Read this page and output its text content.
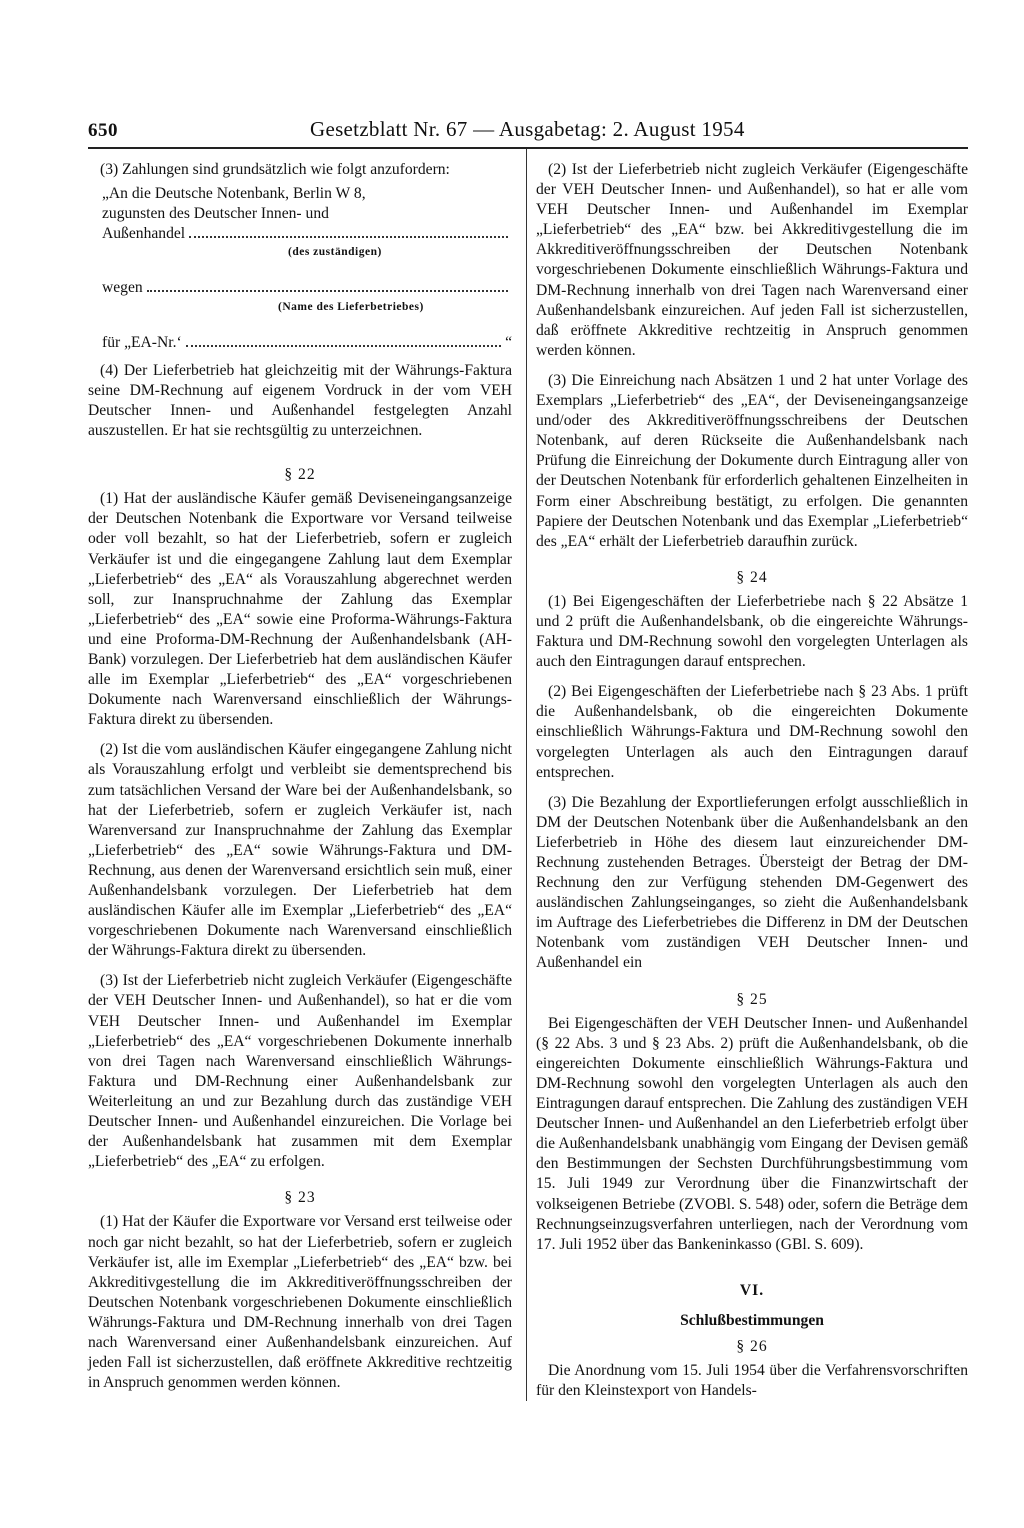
650	Gesetzblatt Nr. 67 — Ausgabetag: 2. August 1954

(3) Zahlungen sind grundsätzlich wie folgt anzufordern:

„An die Deutsche Notenbank, Berlin W 8,
zugunsten des Deutscher Innen- und
Außenhandel
(des zuständigen)
wegen
(Name des Lieferbetriebes)
für „EA-Nr.‘	“

(4) Der Lieferbetrieb hat gleichzeitig mit der Währungs-Faktura seine DM-Rechnung auf eigenem Vordruck in der vom VEH Deutscher Innen- und Außenhandel festgelegten Anzahl auszustellen. Er hat sie rechtsgültig zu unterzeichnen.

§ 22

(1) Hat der ausländische Käufer gemäß Deviseneingangsanzeige der Deutschen Notenbank die Exportware vor Versand teilweise oder voll bezahlt, so hat der Lieferbetrieb, sofern er zugleich Verkäufer ist und die eingegangene Zahlung laut dem Exemplar „Lieferbetrieb“ des „EA“ als Vorauszahlung abgerechnet werden soll, zur Inanspruchnahme der Zahlung das Exemplar „Lieferbetrieb“ des „EA“ sowie eine Proforma-Währungs-Faktura und eine Proforma-DM-Rechnung der Außenhandelsbank (AH-Bank) vorzulegen. Der Lieferbetrieb hat dem ausländischen Käufer alle im Exemplar „Lieferbetrieb“ des „EA“ vorgeschriebenen Dokumente nach Warenversand einschließlich der Währungs-Faktura direkt zu übersenden.

(2) Ist die vom ausländischen Käufer eingegangene Zahlung nicht als Vorauszahlung erfolgt und verbleibt sie dementsprechend bis zum tatsächlichen Versand der Ware bei der Außenhandelsbank, so hat der Lieferbetrieb, sofern er zugleich Verkäufer ist, nach Warenversand zur Inanspruchnahme der Zahlung das Exemplar „Lieferbetrieb“ des „EA“ sowie Währungs-Faktura und DM-Rechnung, aus denen der Warenversand ersichtlich sein muß, einer Außenhandelsbank vorzulegen. Der Lieferbetrieb hat dem ausländischen Käufer alle im Exemplar „Lieferbetrieb“ des „EA“ vorgeschriebenen Dokumente nach Warenversand einschließlich der Währungs-Faktura direkt zu übersenden.

(3) Ist der Lieferbetrieb nicht zugleich Verkäufer (Eigengeschäfte der VEH Deutscher Innen- und Außenhandel), so hat er die vom VEH Deutscher Innen- und Außenhandel im Exemplar „Lieferbetrieb“ des „EA“ vorgeschriebenen Dokumente innerhalb von drei Tagen nach Warenversand einschließlich Währungs-Faktura und DM-Rechnung einer Außenhandelsbank zur Weiterleitung an und zur Bezahlung durch das zuständige VEH Deutscher Innen- und Außenhandel einzureichen. Die Vorlage bei der Außenhandelsbank hat zusammen mit dem Exemplar „Lieferbetrieb“ des „EA“ zu erfolgen.

§ 23

(1) Hat der Käufer die Exportware vor Versand erst teilweise oder noch gar nicht bezahlt, so hat der Lieferbetrieb, sofern er zugleich Verkäufer ist, alle im Exemplar „Lieferbetrieb“ des „EA“ bzw. bei Akkreditivgestellung die im Akkreditiveröffnungsschreiben der Deutschen Notenbank vorgeschriebenen Dokumente einschließlich Währungs-Faktura und DM-Rechnung innerhalb von drei Tagen nach Warenversand einer Außenhandelsbank einzureichen. Auf jeden Fall ist sicherzustellen, daß eröffnete Akkreditive rechtzeitig in Anspruch genommen werden können.

(2) Ist der Lieferbetrieb nicht zugleich Verkäufer (Eigengeschäfte der VEH Deutscher Innen- und Außenhandel), so hat er alle vom VEH Deutscher Innen- und Außenhandel im Exemplar „Lieferbetrieb“ des „EA“ bzw. bei Akkreditivgestellung die im Akkreditiveröffnungsschreiben der Deutschen Notenbank vorgeschriebenen Dokumente einschließlich Währungs-Faktura und DM-Rechnung innerhalb von drei Tagen nach Warenversand einer Außenhandelsbank einzureichen. Auf jeden Fall ist sicherzustellen, daß eröffnete Akkreditive rechtzeitig in Anspruch genommen werden können.

(3) Die Einreichung nach Absätzen 1 und 2 hat unter Vorlage des Exemplars „Lieferbetrieb“ des „EA“, der Deviseneingangsanzeige und/oder des Akkreditiveröffnungsschreibens der Deutschen Notenbank, auf deren Rückseite die Außenhandelsbank nach Prüfung die Einreichung der Dokumente durch Eintragung aller von der Deutschen Notenbank für erforderlich gehaltenen Einzelheiten in Form einer Abschreibung bestätigt, zu erfolgen. Die genannten Papiere der Deutschen Notenbank und das Exemplar „Lieferbetrieb“ des „EA“ erhält der Lieferbetrieb daraufhin zurück.

§ 24

(1) Bei Eigengeschäften der Lieferbetriebe nach § 22 Absätze 1 und 2 prüft die Außenhandelsbank, ob die eingereichte Währungs-Faktura und DM-Rechnung sowohl den vorgelegten Unterlagen als auch den Eintragungen darauf entsprechen.

(2) Bei Eigengeschäften der Lieferbetriebe nach § 23 Abs. 1 prüft die Außenhandelsbank, ob die eingereichten Dokumente einschließlich Währungs-Faktura und DM-Rechnung sowohl den vorgelegten Unterlagen als auch den Eintragungen darauf entsprechen.

(3) Die Bezahlung der Exportlieferungen erfolgt ausschließlich in DM der Deutschen Notenbank über die Außenhandelsbank an den Lieferbetrieb in Höhe des diesem laut einzureichender DM-Rechnung zustehenden Betrages. Übersteigt der Betrag der DM-Rechnung den zur Verfügung stehenden DM-Gegenwert des ausländischen Zahlungseinganges, so zieht die Außenhandelsbank im Auftrage des Lieferbetriebes die Differenz in DM der Deutschen Notenbank vom zuständigen VEH Deutscher Innen- und Außenhandel ein

§ 25

Bei Eigengeschäften der VEH Deutscher Innen- und Außenhandel (§ 22 Abs. 3 und § 23 Abs. 2) prüft die Außenhandelsbank, ob die eingereichten Dokumente einschließlich Währungs-Faktura und DM-Rechnung sowohl den vorgelegten Unterlagen als auch den Eintragungen darauf entsprechen. Die Zahlung des zuständigen VEH Deutscher Innen- und Außenhandel an den Lieferbetrieb erfolgt über die Außenhandelsbank unabhängig vom Eingang der Devisen gemäß den Bestimmungen der Sechsten Durchführungsbestimmung vom 15. Juli 1949 zur Verordnung über die Finanzwirtschaft der volkseigenen Betriebe (ZVOBl. S. 548) oder, sofern die Beträge dem Rechnungseinzugsverfahren unterliegen, nach der Verordnung vom 17. Juli 1952 über das Bankeninkasso (GBl. S. 609).

VI.
Schlußbestimmungen
§ 26

Die Anordnung vom 15. Juli 1954 über die Verfahrensvorschriften für den Kleinstexport von Handels-
